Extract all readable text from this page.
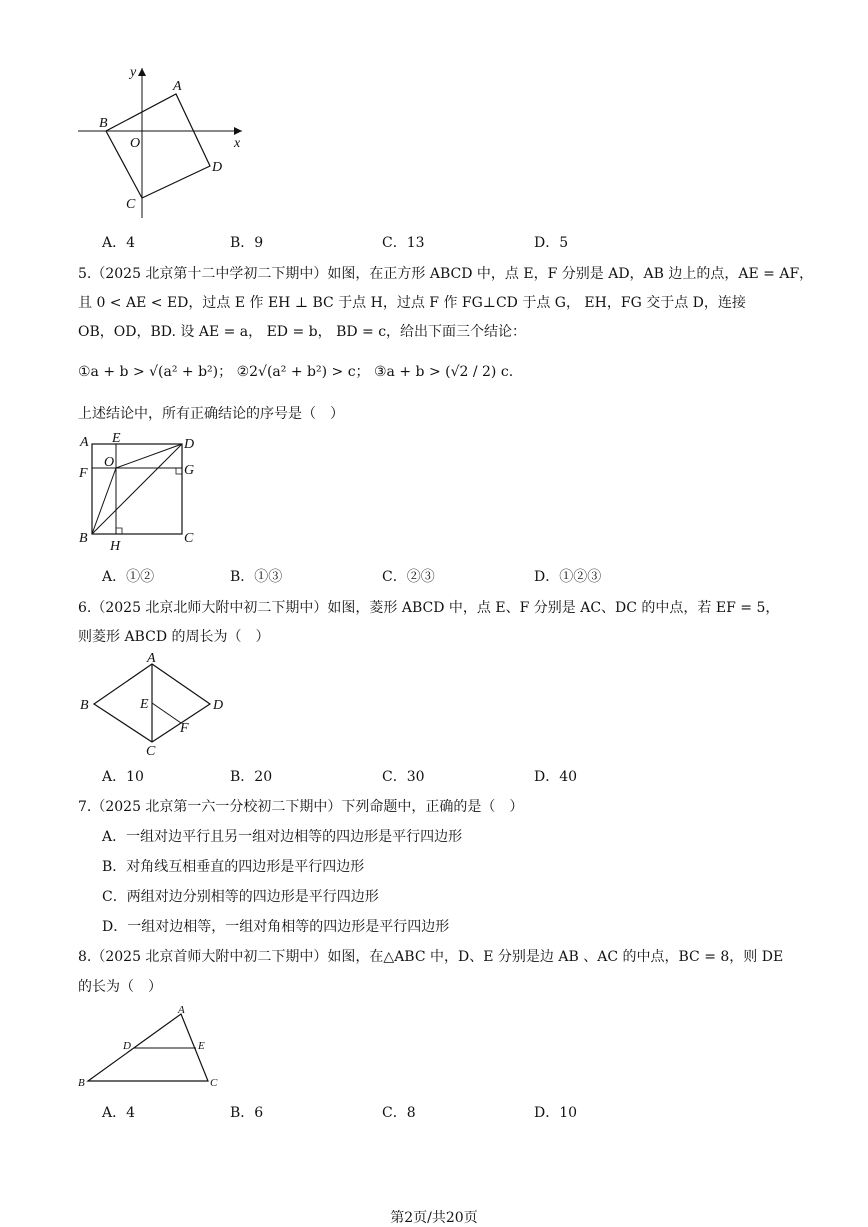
y
x
A
B
O
D
C
A．4	B．9	C．13	D．5
5.（2025 北京第十二中学初二下期中）如图，在正方形 ABCD 中，点 E，F 分别是 AD，AB 边上的点，AE = AF，
且 0 < AE < ED，过点 E 作 EH ⊥ BC 于点 H，过点 F 作 FG⊥CD 于点 G， EH，FG 交于点 D，连接
OB，OD，BD. 设 AE = a， ED = b， BD = c，给出下面三个结论：
①a + b > √(a² + b²)； ②2√(a² + b²) > c； ③a + b > (√2 / 2) c.
上述结论中，所有正确结论的序号是（　）
A E	D
F
O
G
B
H
C
A．①②	B．①③	C．②③	D．①②③
6.（2025 北京北师大附中初二下期中）如图，菱形 ABCD 中，点 E、F 分别是 AC、DC 的中点，若 EF = 5，
则菱形 ABCD 的周长为（　）
A
B	E	D
F
C
A．10	B．20	C．30	D．40
7.（2025 北京第一六一分校初二下期中）下列命题中，正确的是（　）
A．一组对边平行且另一组对边相等的四边形是平行四边形
B．对角线互相垂直的四边形是平行四边形
C．两组对边分别相等的四边形是平行四边形
D．一组对边相等，一组对角相等的四边形是平行四边形
8.（2025 北京首师大附中初二下期中）如图，在△ABC 中，D、E 分别是边 AB 、AC 的中点，BC = 8，则 DE
的长为（　）
A
D	E
B	C
A．4	B．6	C．8	D．10
第2页/共20页
